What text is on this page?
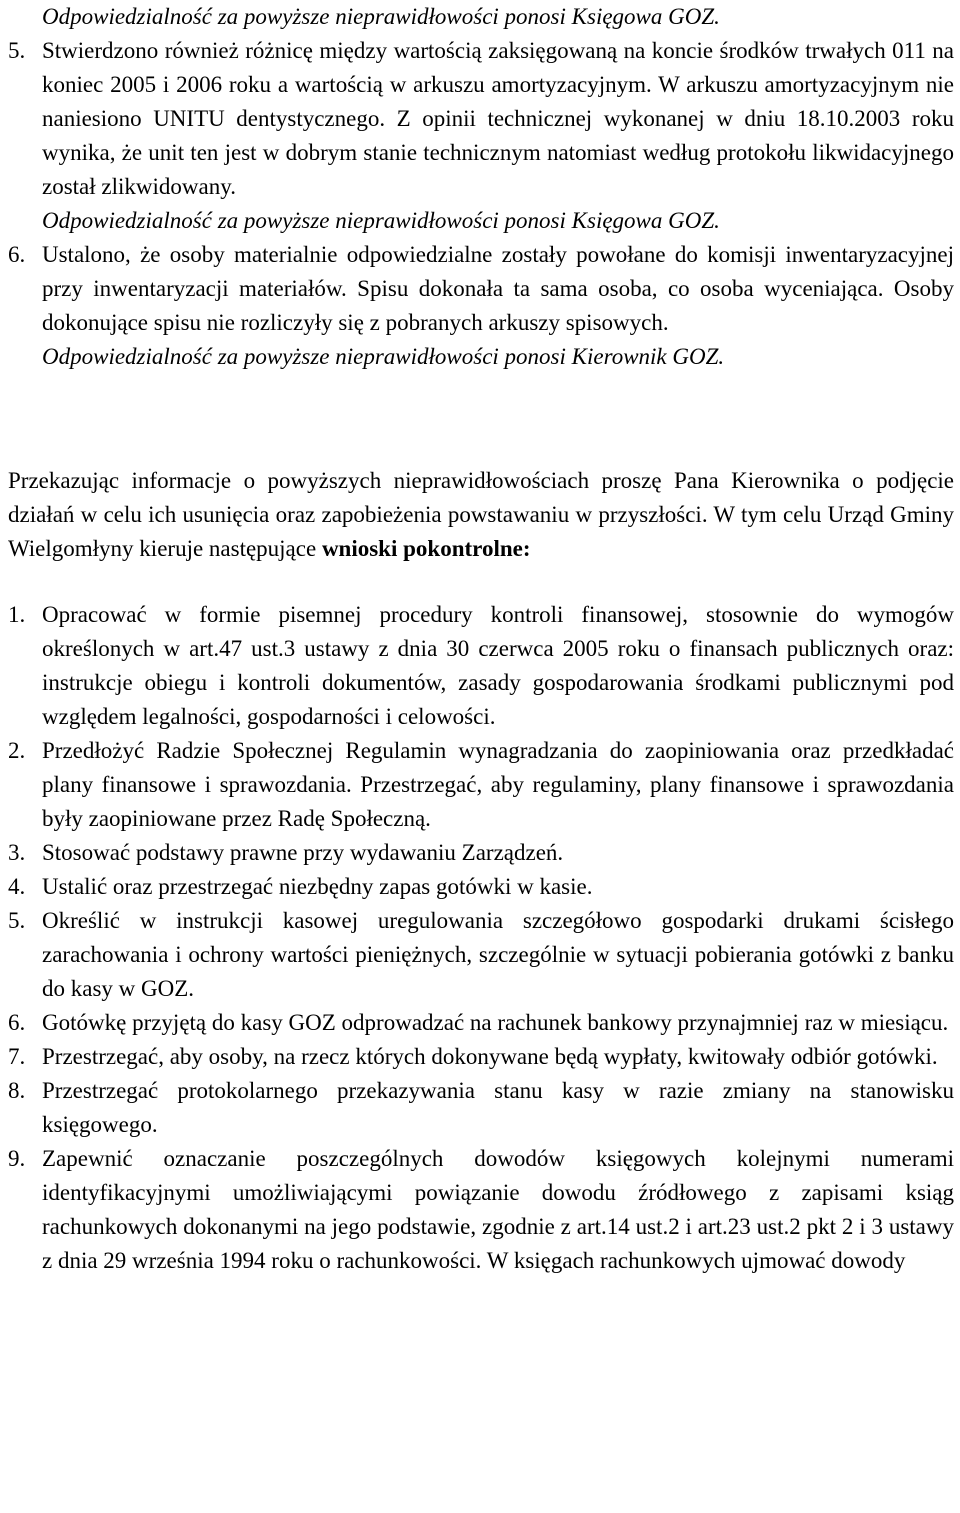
Odpowiedzialność za powyższe nieprawidłowości ponosi Księgowa GOZ.

5. Stwierdzono również różnicę między wartością zaksięgowaną na koncie środków trwałych 011 na koniec 2005 i 2006 roku a wartością w arkuszu amortyzacyjnym. W arkuszu amortyzacyjnym nie naniesiono UNITU dentystycznego. Z opinii technicznej wykonanej w dniu 18.10.2003 roku wynika, że unit ten jest w dobrym stanie technicznym natomiast według protokołu likwidacyjnego został zlikwidowany.

Odpowiedzialność za powyższe nieprawidłowości ponosi Księgowa GOZ.

6. Ustalono, że osoby materialnie odpowiedzialne zostały powołane do komisji inwentaryzacyjnej przy inwentaryzacji materiałów. Spisu dokonała ta sama osoba, co osoba wyceniająca. Osoby dokonujące spisu nie rozliczyły się z pobranych arkuszy spisowych.

Odpowiedzialność za powyższe nieprawidłowości ponosi Kierownik GOZ.

Przekazując informacje o powyższych nieprawidłowościach proszę Pana Kierownika o podjęcie działań w celu ich usunięcia oraz zapobieżenia powstawaniu w przyszłości. W tym celu Urząd Gminy Wielgomłyny kieruje następujące wnioski pokontrolne:

1. Opracować w formie pisemnej procedury kontroli finansowej, stosownie do wymogów określonych w art.47 ust.3 ustawy z dnia 30 czerwca 2005 roku o finansach publicznych oraz: instrukcje obiegu i kontroli dokumentów, zasady gospodarowania środkami publicznymi pod względem legalności, gospodarności i celowości.
2. Przedłożyć Radzie Społecznej Regulamin wynagradzania do zaopiniowania oraz przedkładać plany finansowe i sprawozdania. Przestrzegać, aby regulaminy, plany finansowe i sprawozdania były zaopiniowane przez Radę Społeczną.
3. Stosować podstawy prawne przy wydawaniu Zarządzeń.
4. Ustalić oraz przestrzegać niezbędny zapas gotówki w kasie.
5. Określić w instrukcji kasowej uregulowania szczegółowo gospodarki drukami ścisłego zarachowania i ochrony wartości pieniężnych, szczególnie w sytuacji pobierania gotówki z banku do kasy w GOZ.
6. Gotówkę przyjętą do kasy GOZ odprowadzać na rachunek bankowy przynajmniej raz w miesiącu.
7. Przestrzegać, aby osoby, na rzecz których dokonywane będą wypłaty, kwitowały odbiór gotówki.
8. Przestrzegać protokolarnego przekazywania stanu kasy w razie zmiany na stanowisku księgowego.
9. Zapewnić oznaczanie poszczególnych dowodów księgowych kolejnymi numerami identyfikacyjnymi umożliwiającymi powiązanie dowodu źródłowego z zapisami ksiąg rachunkowych dokonanymi na jego podstawie, zgodnie z art.14 ust.2 i art.23 ust.2 pkt 2 i 3 ustawy z dnia 29 września 1994 roku o rachunkowości. W księgach rachunkowych ujmować dowody
